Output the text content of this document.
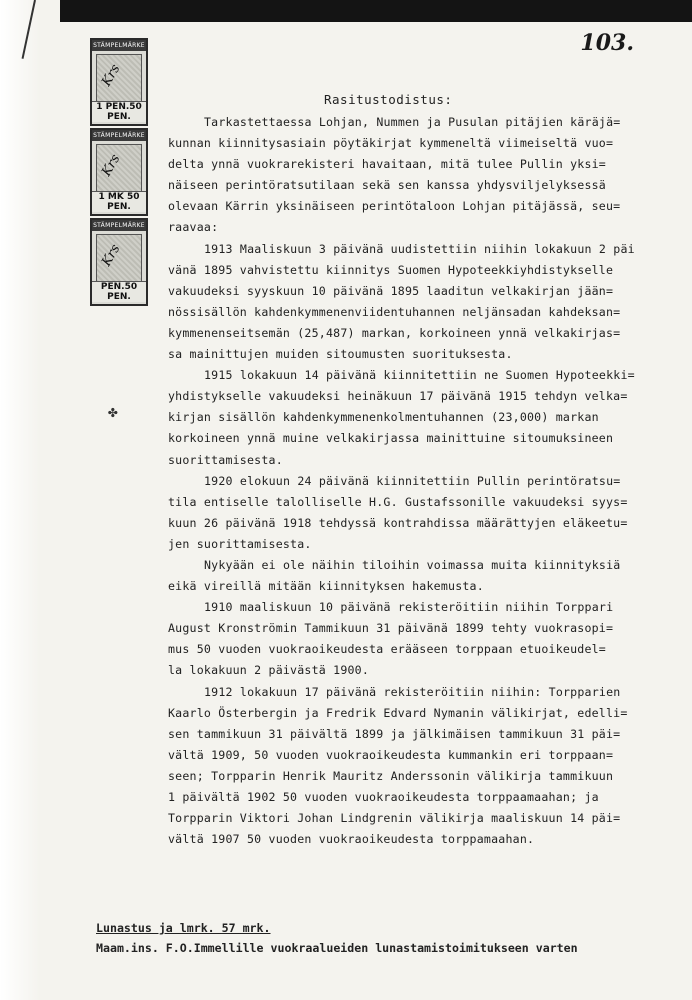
103.
STÄMPELMÄRKE
Krs
1 PEN.50 PEN.
STÄMPELMÄRKE
Krs
1 MK 50 PEN.
STÄMPELMÄRKE
Krs
PEN.50 PEN.
✤
Rasitustodistus:
Tarkastettaessa Lohjan, Nummen ja Pusulan pitäjien käräjä=
kunnan kiinnitysasiain pöytäkirjat kymmeneltä viimeiseltä vuo=
delta ynnä vuokrarekisteri havaitaan, mitä tulee Pullin yksi=
näiseen perintöratsutilaan sekä sen kanssa yhdysviljelyksessä
olevaan Kärrin yksinäiseen perintötaloon Lohjan pitäjässä, seu=
raavaa:
1913 Maaliskuun 3 päivänä uudistettiin niihin lokakuun 2 päi
vänä 1895 vahvistettu kiinnitys Suomen Hypoteekkiyhdistykselle
vakuudeksi syyskuun 10 päivänä 1895 laaditun velkakirjan jään=
nössisällön kahdenkymmenenviidentuhannen neljänsadan kahdeksan=
kymmenenseitsemän (25,487) markan, korkoineen ynnä velkakirjas=
sa mainittujen muiden sitoumusten suorituksesta.
1915 lokakuun 14 päivänä kiinnitettiin ne Suomen Hypoteekki=
yhdistykselle vakuudeksi heinäkuun 17 päivänä 1915 tehdyn velka=
kirjan sisällön kahdenkymmenenkolmentuhannen (23,000) markan
korkoineen ynnä muine velkakirjassa mainittuine sitoumuksineen
suorittamisesta.
1920 elokuun 24 päivänä kiinnitettiin Pullin perintöratsu=
tila entiselle talolliselle H.G. Gustafssonille vakuudeksi syys=
kuun 26 päivänä 1918 tehdyssä kontrahdissa määrättyjen eläkeetu=
jen suorittamisesta.
Nykyään ei ole näihin tiloihin voimassa muita kiinnityksiä
eikä vireillä mitään kiinnityksen hakemusta.
1910 maaliskuun 10 päivänä rekisteröitiin niihin Torppari
August Kronströmin Tammikuun 31 päivänä 1899 tehty vuokrasopi=
mus 50 vuoden vuokraoikeudesta erääseen torppaan etuoikeudel=
la lokakuun 2 päivästä 1900.
1912 lokakuun 17 päivänä rekisteröitiin niihin: Torpparien
Kaarlo Österbergin ja Fredrik Edvard Nymanin välikirjat, edelli=
sen tammikuun 31 päivältä 1899 ja jälkimäisen tammikuun 31 päi=
vältä 1909, 50 vuoden vuokraoikeudesta kummankin eri torppaan=
seen; Torpparin Henrik Mauritz Anderssonin välikirja tammikuun
1 päivältä 1902 50 vuoden vuokraoikeudesta torppaamaahan; ja
Torpparin Viktori Johan Lindgrenin välikirja maaliskuun 14 päi=
vältä 1907 50 vuoden vuokraoikeudesta torppamaahan.
Lunastus ja lmrk. 57 mrk.
Maam.ins. F.O.Immellille vuokraalueiden lunastamistoimitukseen varten
